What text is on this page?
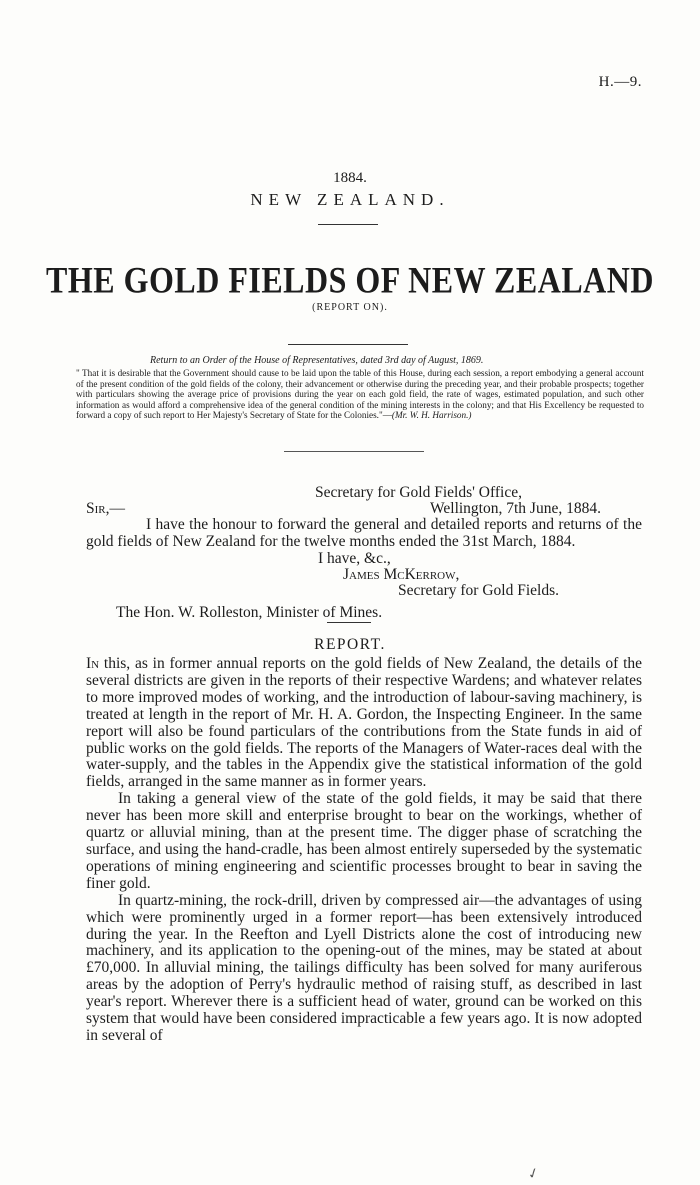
H.—9.
1884.
NEW ZEALAND.
THE GOLD FIELDS OF NEW ZEALAND
(REPORT ON).
Return to an Order of the House of Representatives, dated 3rd day of August, 1869.
" That it is desirable that the Government should cause to be laid upon the table of this House, during each session, a report embodying a general account of the present condition of the gold fields of the colony, their advancement or otherwise during the preceding year, and their probable prospects; together with particulars showing the average price of provisions during the year on each gold field, the rate of wages, estimated population, and such other information as would afford a comprehensive idea of the general condition of the mining interests in the colony; and that His Excellency be requested to forward a copy of such report to Her Majesty's Secretary of State for the Colonies."—(Mr. W. H. Harrison.)
Secretary for Gold Fields' Office,
Sir,—	Wellington, 7th June, 1884.
I have the honour to forward the general and detailed reports and returns of the gold fields of New Zealand for the twelve months ended the 31st March, 1884.
I have, &c.,
James McKerrow,
Secretary for Gold Fields.
The Hon. W. Rolleston, Minister of Mines.
REPORT.

In this, as in former annual reports on the gold fields of New Zealand, the details of the several districts are given in the reports of their respective Wardens; and whatever relates to more improved modes of working, and the introduction of labour-saving machinery, is treated at length in the report of Mr. H. A. Gordon, the Inspecting Engineer. In the same report will also be found particulars of the contributions from the State funds in aid of public works on the gold fields. The reports of the Managers of Water-races deal with the water-supply, and the tables in the Appendix give the statistical information of the gold fields, arranged in the same manner as in former years.

In taking a general view of the state of the gold fields, it may be said that there never has been more skill and enterprise brought to bear on the workings, whether of quartz or alluvial mining, than at the present time. The digger phase of scratching the surface, and using the hand-cradle, has been almost entirely superseded by the systematic operations of mining engineering and scientific processes brought to bear in saving the finer gold.

In quartz-mining, the rock-drill, driven by compressed air—the advantages of using which were prominently urged in a former report—has been extensively introduced during the year. In the Reefton and Lyell Districts alone the cost of introducing new machinery, and its application to the opening-out of the mines, may be stated at about £70,000. In alluvial mining, the tailings difficulty has been solved for many auriferous areas by the adoption of Perry's hydraulic method of raising stuff, as described in last year's report. Wherever there is a sufficient head of water, ground can be worked on this system that would have been considered impracticable a few years ago. It is now adopted in several of

✓
